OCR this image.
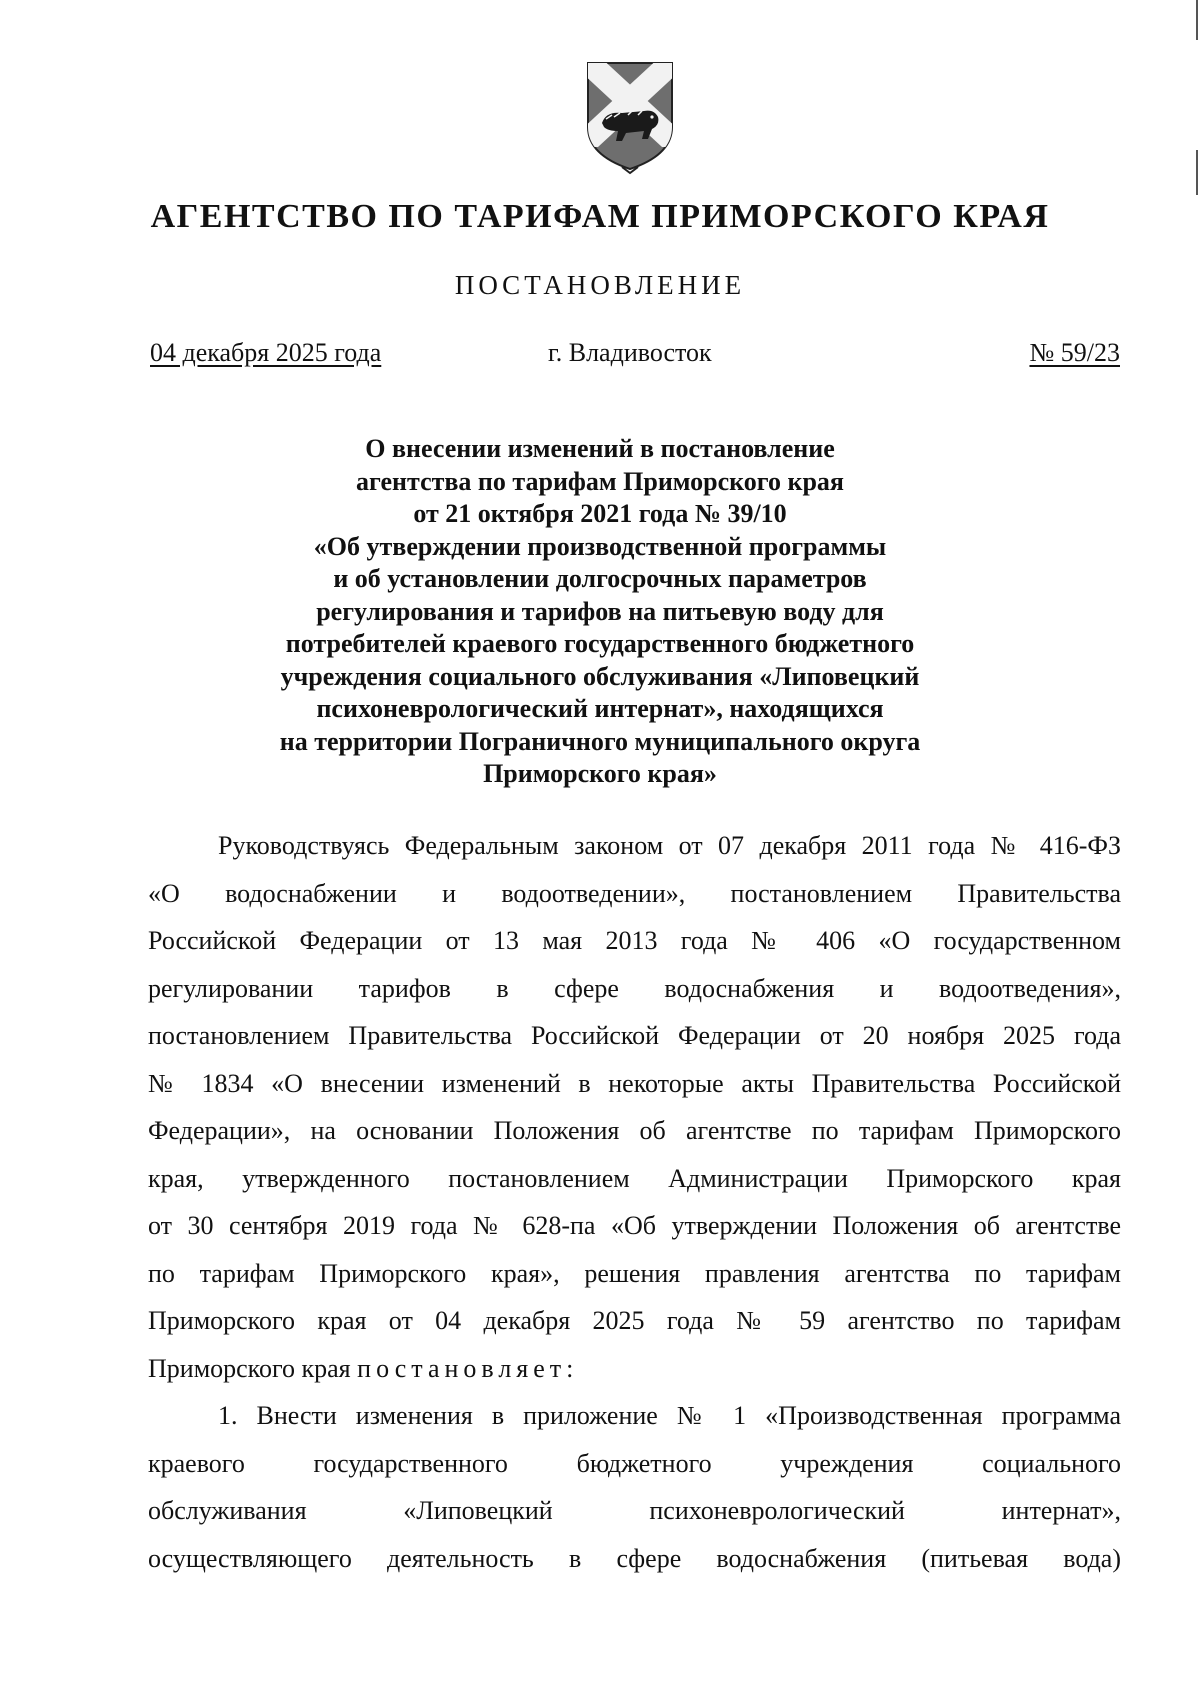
АГЕНТСТВО ПО ТАРИФАМ ПРИМОРСКОГО КРАЯ
ПОСТАНОВЛЕНИЕ
04 декабря 2025 года	г. Владивосток	№ 59/23
О внесении изменений в постановление
агентства по тарифам Приморского края
от 21 октября 2021 года № 39/10
«Об утверждении производственной программы
и об установлении долгосрочных параметров
регулирования и тарифов на питьевую воду для
потребителей краевого государственного бюджетного
учреждения социального обслуживания «Липовецкий
психоневрологический интернат», находящихся
на территории Пограничного муниципального округа
Приморского края»
Руководствуясь Федеральным законом от 07 декабря 2011 года № 416-ФЗ
«О водоснабжении и водоотведении», постановлением Правительства
Российской Федерации от 13 мая 2013 года № 406 «О государственном
регулировании тарифов в сфере водоснабжения и водоотведения»,
постановлением Правительства Российской Федерации от 20 ноября 2025 года
№ 1834 «О внесении изменений в некоторые акты Правительства Российской
Федерации», на основании Положения об агентстве по тарифам Приморского
края, утвержденного постановлением Администрации Приморского края
от 30 сентября 2019 года № 628-па «Об утверждении Положения об агентстве
по тарифам Приморского края», решения правления агентства по тарифам
Приморского края от 04 декабря 2025 года № 59 агентство по тарифам
Приморского края постановляет:
1. Внести изменения в приложение № 1 «Производственная программа
краевого государственного бюджетного учреждения социального
обслуживания «Липовецкий психоневрологический интернат»,
осуществляющего деятельность в сфере водоснабжения (питьевая вода)
